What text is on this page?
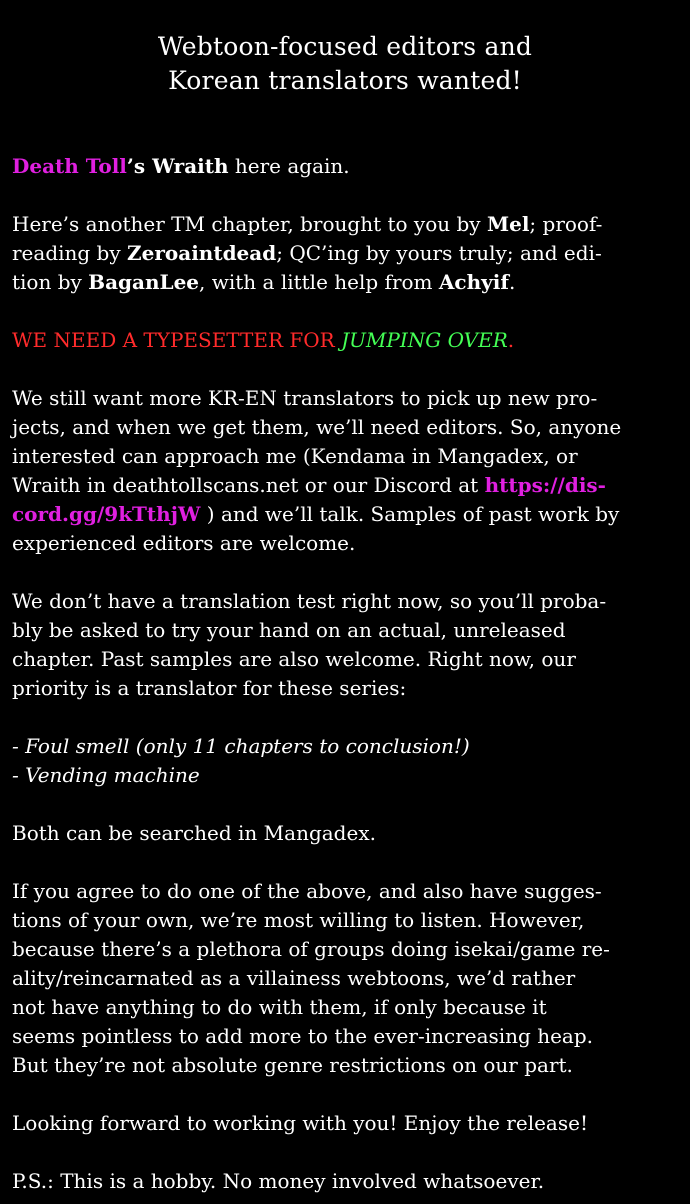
Webtoon-focused editors and
Korean translators wanted!
Death Toll’s Wraith here again.
Here’s another TM chapter, brought to you by Mel; proof-
reading by Zeroaintdead; QC’ing by yours truly; and edi-
tion by BaganLee, with a little help from Achyif.
WE NEED A TYPESETTER FOR JUMPING OVER.
We still want more KR-EN translators to pick up new pro-
jects, and when we get them, we’ll need editors. So, anyone
interested can approach me (Kendama in Mangadex, or
Wraith in deathtollscans.net or our Discord at https://dis-
cord.gg/9kTthjW ) and we’ll talk. Samples of past work by
experienced editors are welcome.
We don’t have a translation test right now, so you’ll proba-
bly be asked to try your hand on an actual, unreleased
chapter. Past samples are also welcome. Right now, our
priority is a translator for these series:
- Foul smell (only 11 chapters to conclusion!)
- Vending machine
Both can be searched in Mangadex.
If you agree to do one of the above, and also have sugges-
tions of your own, we’re most willing to listen. However,
because there’s a plethora of groups doing isekai/game re-
ality/reincarnated as a villainess webtoons, we’d rather
not have anything to do with them, if only because it
seems pointless to add more to the ever-increasing heap.
But they’re not absolute genre restrictions on our part.
Looking forward to working with you! Enjoy the release!
P.S.: This is a hobby. No money involved whatsoever.
